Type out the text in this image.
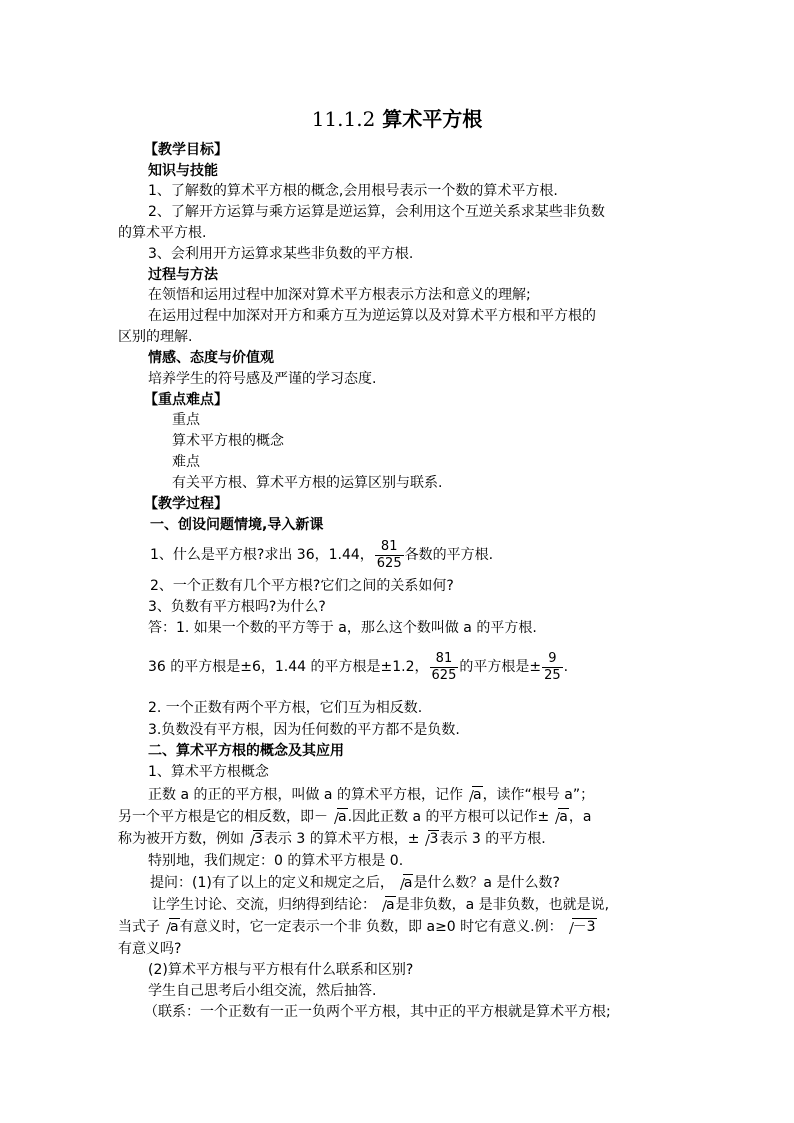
11.1.2 算术平方根
【教学目标】
知识与技能
1、了解数的算术平方根的概念,会用根号表示一个数的算术平方根.
2、了解开方运算与乘方运算是逆运算，会利用这个互逆关系求某些非负数
的算术平方根.
3、会利用开方运算求某些非负数的平方根.
过程与方法
在领悟和运用过程中加深对算术平方根表示方法和意义的理解;
在运用过程中加深对开方和乘方互为逆运算以及对算术平方根和平方根的
区别的理解.
情感、态度与价值观
培养学生的符号感及严谨的学习态度.
【重点难点】
重点
算术平方根的概念
难点
有关平方根、算术平方根的运算区别与联系.
【教学过程】
一、创设问题情境,导入新课
1、什么是平方根?求出 36，1.44， $\frac{81}{625}$ 各数的平方根.
2、一个正数有几个平方根?它们之间的关系如何?
3、负数有平方根吗?为什么?
答：1. 如果一个数的平方等于 a，那么这个数叫做 a 的平方根.
36 的平方根是±6，1.44 的平方根是±1.2， $\frac{81}{625}$ 的平方根是± $\frac{9}{25}$ .
2. 一个正数有两个平方根，它们互为相反数.
3.负数没有平方根，因为任何数的平方都不是负数.
二、算术平方根的概念及其应用
1、算术平方根概念
正数 a 的正的平方根，叫做 a 的算术平方根，记作 a，读作“根号 a”；
另一个平方根是它的相反数，即－ a.因此正数 a 的平方根可以记作± a，a
称为被开方数，例如 3表示 3 的算术平方根，± 3表示 3 的平方根.
特别地，我们规定：0 的算术平方根是 0.
提问：(1)有了以上的定义和规定之后， a是什么数？a 是什么数?
让学生讨论、交流，归纳得到结论： a是非负数，a 是非负数，也就是说,
当式子 a有意义时，它一定表示一个非 负数，即 a≥0 时它有意义.例： －3
有意义吗?
(2)算术平方根与平方根有什么联系和区别?
学生自己思考后小组交流，然后抽答.
（联系：一个正数有一正一负两个平方根，其中正的平方根就是算术平方根;
